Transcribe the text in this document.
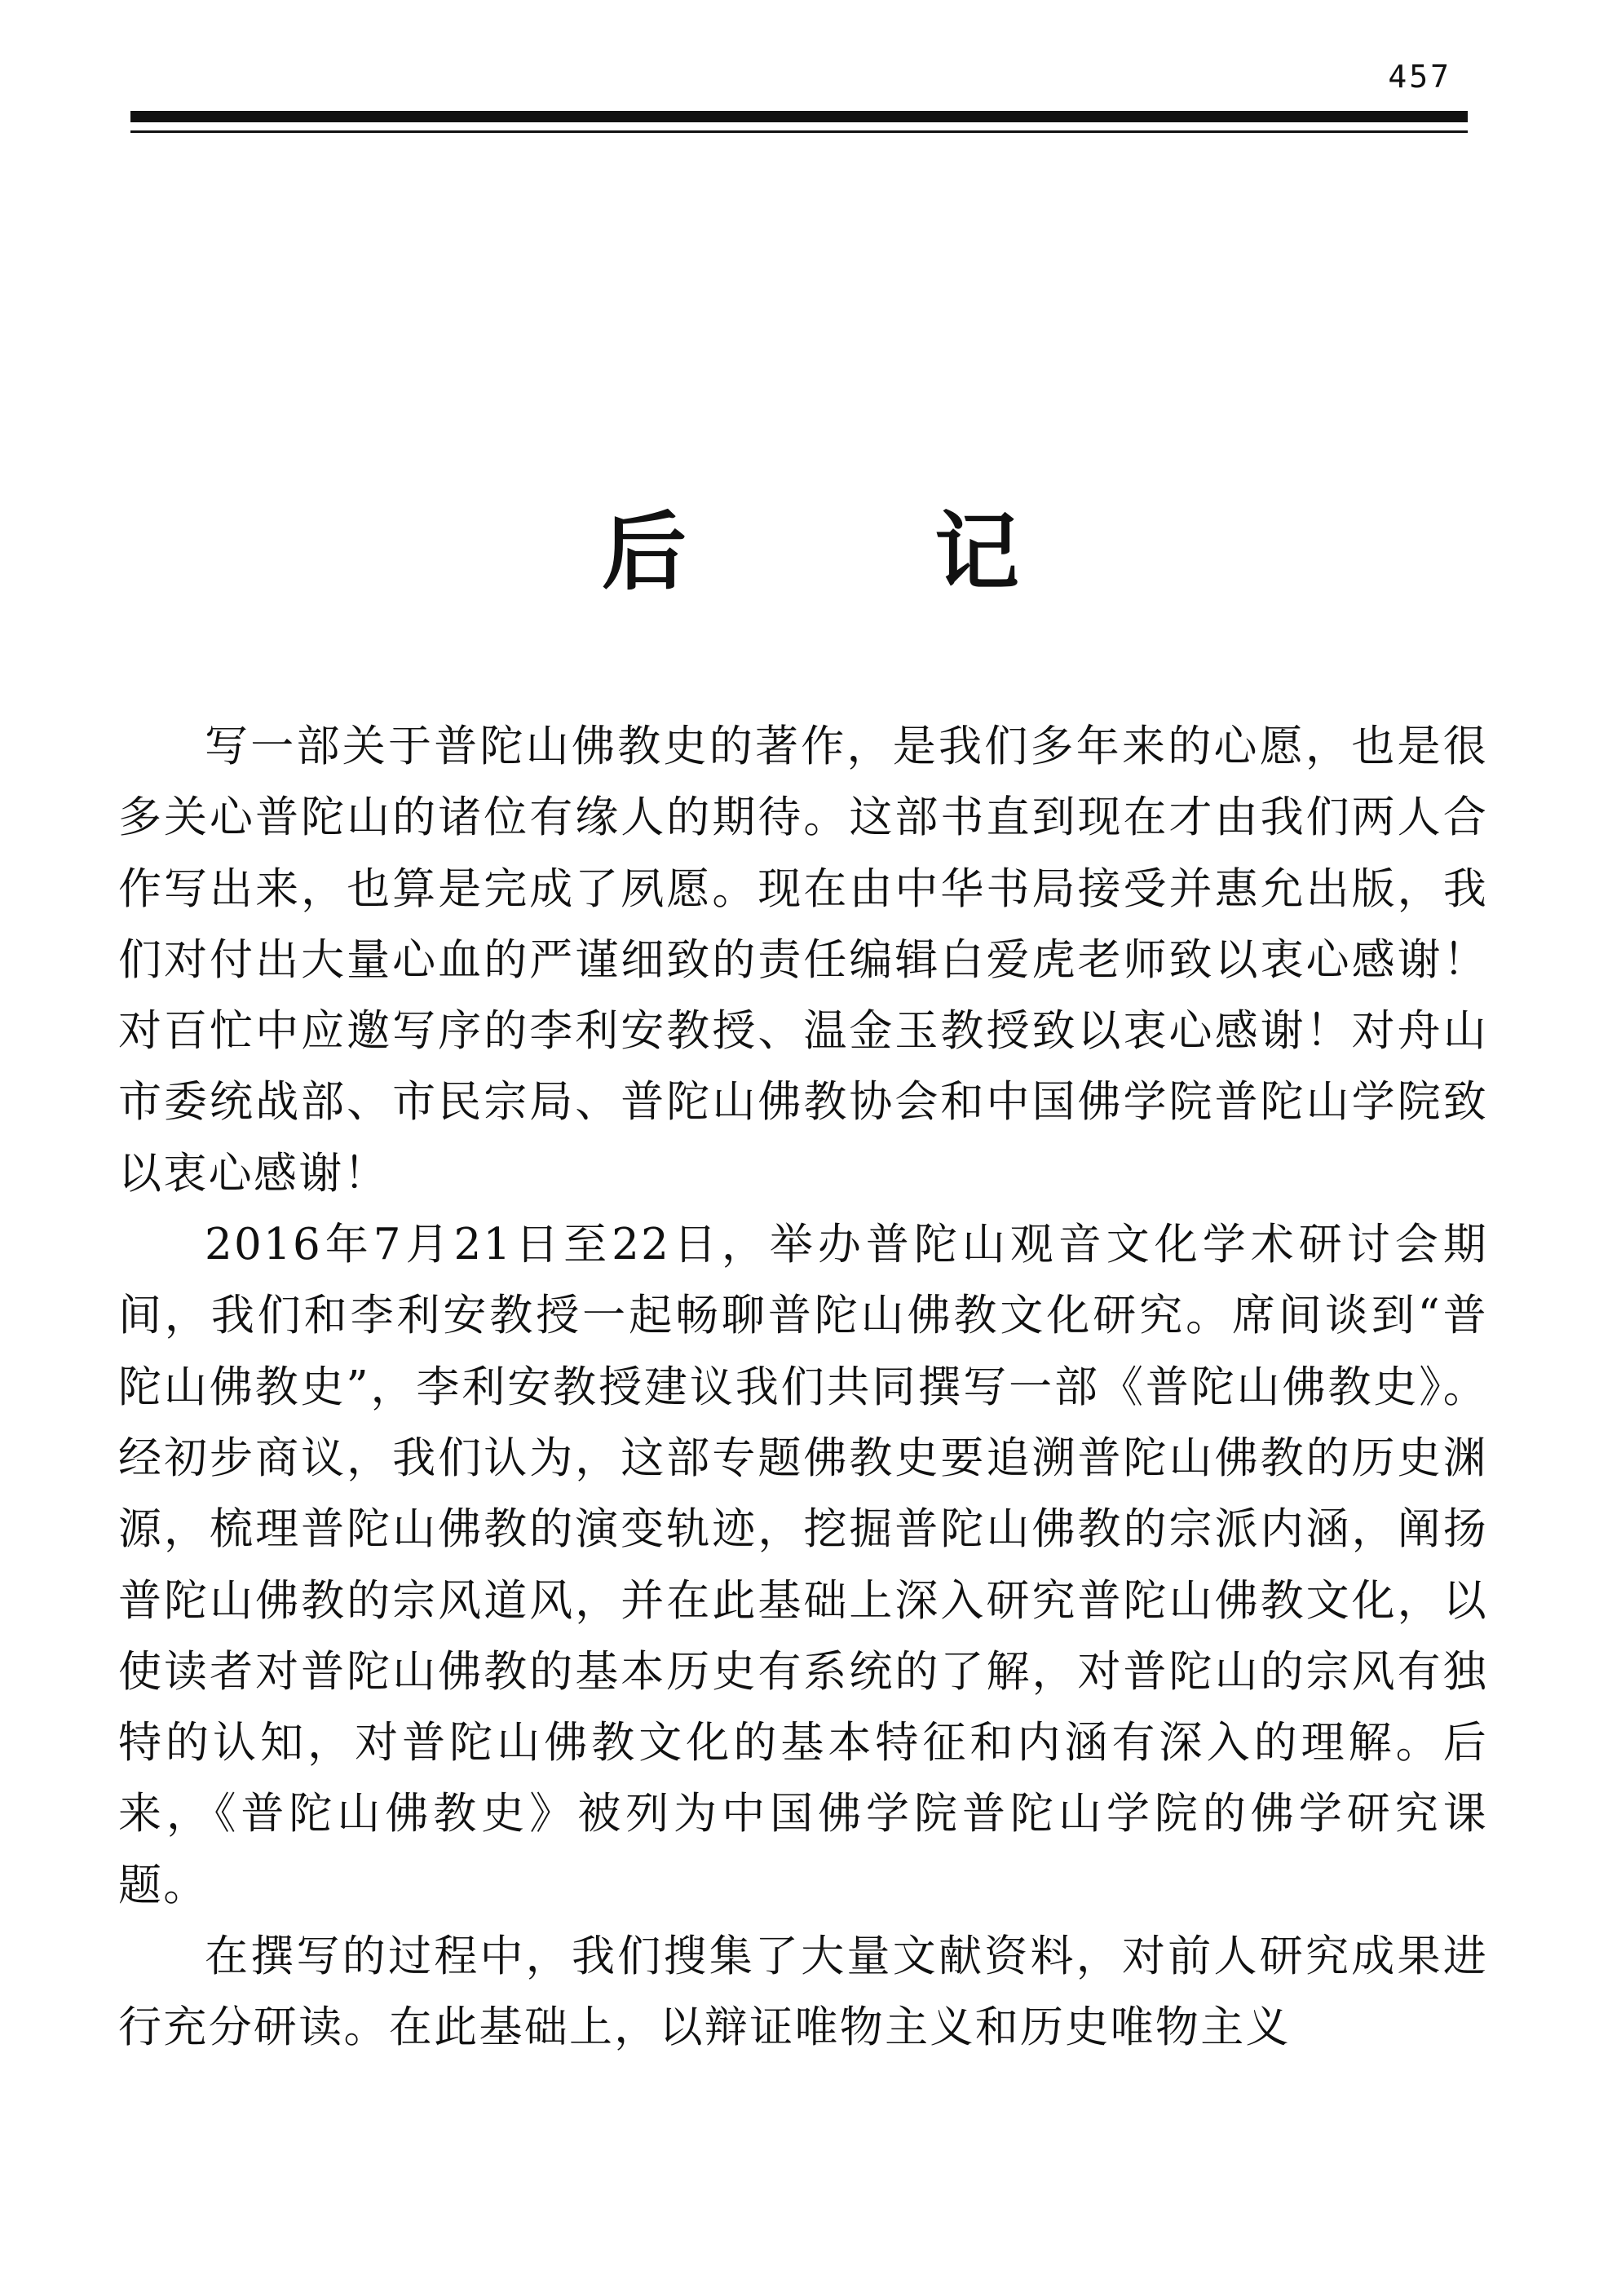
457
后　记

写一部关于普陀山佛教史的著作，是我们多年来的心愿，也是很多关心普陀山的诸位有缘人的期待。这部书直到现在才由我们两人合作写出来，也算是完成了夙愿。现在由中华书局接受并惠允出版，我们对付出大量心血的严谨细致的责任编辑白爱虎老师致以衷心感谢！对百忙中应邀写序的李利安教授、温金玉教授致以衷心感谢！对舟山市委统战部、市民宗局、普陀山佛教协会和中国佛学院普陀山学院致以衷心感谢！

2016年7月21日至22日，举办普陀山观音文化学术研讨会期间，我们和李利安教授一起畅聊普陀山佛教文化研究。席间谈到“普陀山佛教史”，李利安教授建议我们共同撰写一部《普陀山佛教史》。经初步商议，我们认为，这部专题佛教史要追溯普陀山佛教的历史渊源，梳理普陀山佛教的演变轨迹，挖掘普陀山佛教的宗派内涵，阐扬普陀山佛教的宗风道风，并在此基础上深入研究普陀山佛教文化，以使读者对普陀山佛教的基本历史有系统的了解，对普陀山的宗风有独特的认知，对普陀山佛教文化的基本特征和内涵有深入的理解。后来，《普陀山佛教史》被列为中国佛学院普陀山学院的佛学研究课题。

在撰写的过程中，我们搜集了大量文献资料，对前人研究成果进行充分研读。在此基础上，以辩证唯物主义和历史唯物主义
